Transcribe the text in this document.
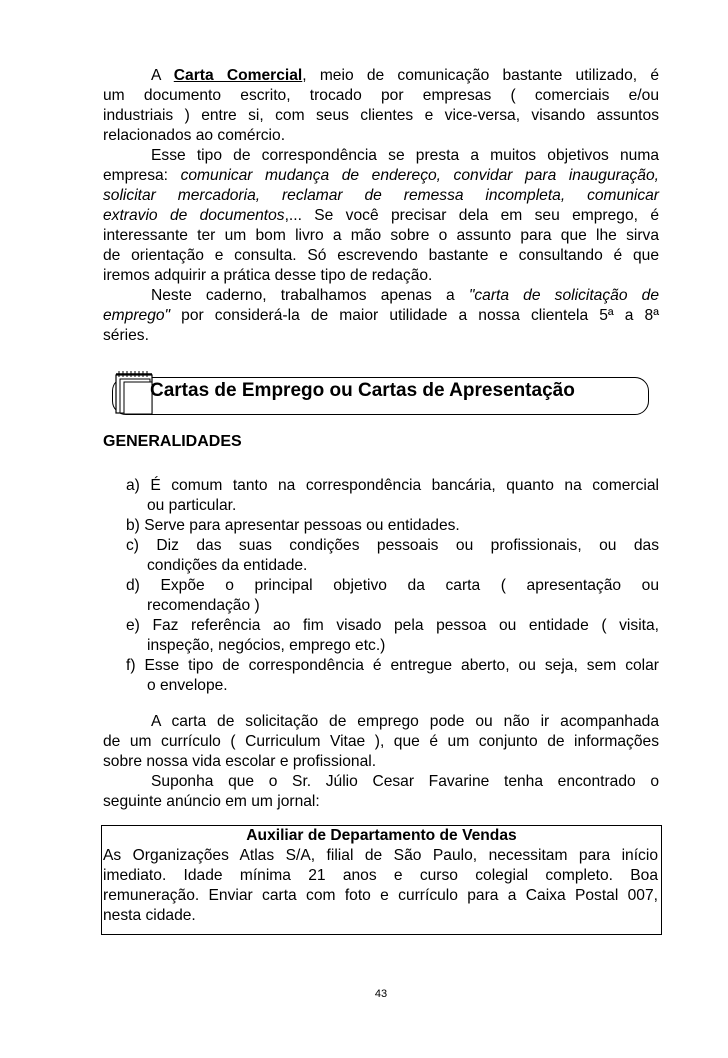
A Carta Comercial, meio de comunicação bastante utilizado, é

um documento escrito, trocado por empresas ( comerciais e/ou

industriais ) entre si, com seus clientes e vice-versa, visando assuntos

relacionados ao comércio.

Esse tipo de correspondência se presta a muitos objetivos numa

empresa: comunicar mudança de endereço, convidar para inauguração,

solicitar mercadoria, reclamar de remessa incompleta, comunicar

extravio de documentos,... Se você precisar dela em seu emprego, é

interessante ter um bom livro a mão sobre o assunto para que lhe sirva

de orientação e consulta. Só escrevendo bastante e consultando é que

iremos adquirir a prática desse tipo de redação.

Neste caderno, trabalhamos apenas a "carta de solicitação de

emprego" por considerá-la de maior utilidade a nossa clientela 5ª a 8ª

séries.

Cartas de Emprego ou Cartas de Apresentação
GENERALIDADES

a) É comum tanto na correspondência bancária, quanto na comercial

ou particular.

b) Serve para apresentar pessoas ou entidades.

c) Diz das suas condições pessoais ou profissionais, ou das

condições da entidade.

d) Expõe o principal objetivo da carta ( apresentação ou

recomendação )

e) Faz referência ao fim visado pela pessoa ou entidade ( visita,

inspeção, negócios, emprego etc.)

f) Esse tipo de correspondência é entregue aberto, ou seja, sem colar

o envelope.

A carta de solicitação de emprego pode ou não ir acompanhada

de um currículo ( Curriculum Vitae ), que é um conjunto de informações

sobre nossa vida escolar e profissional.

Suponha que o Sr. Júlio Cesar Favarine tenha encontrado o

seguinte anúncio em um jornal:

Auxiliar de Departamento de Vendas

As Organizações Atlas S/A, filial de São Paulo, necessitam para início

imediato. Idade mínima 21 anos e curso colegial completo. Boa

remuneração. Enviar carta com foto e currículo para a Caixa Postal 007,

nesta cidade.

43
